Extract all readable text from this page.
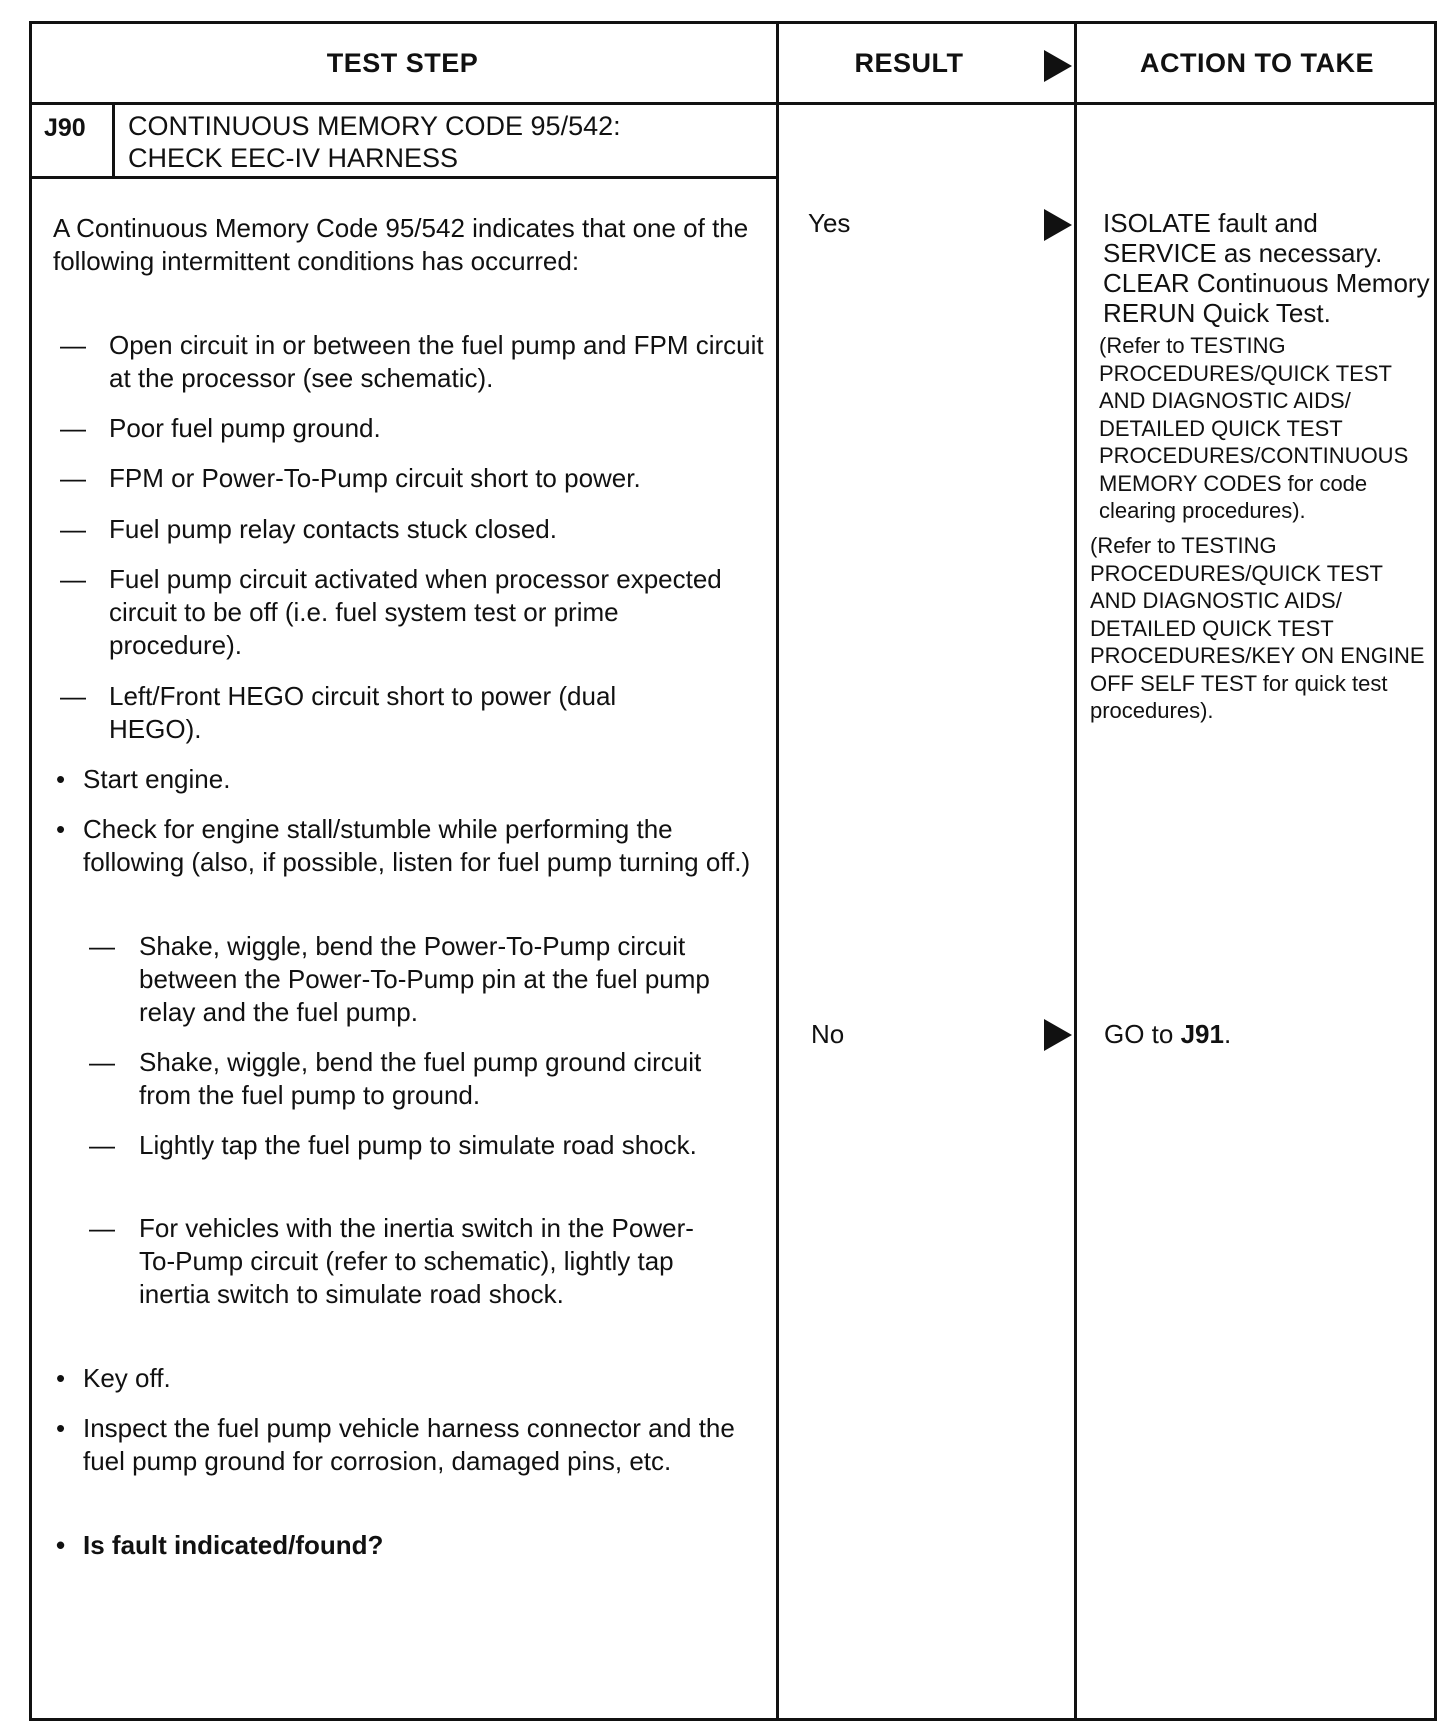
TEST STEP	RESULT	ACTION TO TAKE
J90 CONTINUOUS MEMORY CODE 95/542:
CHECK EEC-IV HARNESS
A Continuous Memory Code 95/542 indicates that one of the following intermittent conditions has occurred:
— Open circuit in or between the fuel pump and FPM circuit at the processor (see schematic).
— Poor fuel pump ground.
— FPM or Power-To-Pump circuit short to power.
— Fuel pump relay contacts stuck closed.
— Fuel pump circuit activated when processor expected circuit to be off (i.e. fuel system test or prime procedure).
— Left/Front HEGO circuit short to power (dual HEGO).
• Start engine.
• Check for engine stall/stumble while performing the following (also, if possible, listen for fuel pump turning off.)
— Shake, wiggle, bend the Power-To-Pump circuit between the Power-To-Pump pin at the fuel pump relay and the fuel pump.
— Shake, wiggle, bend the fuel pump ground circuit from the fuel pump to ground.
— Lightly tap the fuel pump to simulate road shock.
— For vehicles with the inertia switch in the Power-To-Pump circuit (refer to schematic), lightly tap inertia switch to simulate road shock.
• Key off.
• Inspect the fuel pump vehicle harness connector and the fuel pump ground for corrosion, damaged pins, etc.
• Is fault indicated/found?
Yes
No
ISOLATE fault and SERVICE as necessary. CLEAR Continuous Memory RERUN Quick Test.
(Refer to TESTING PROCEDURES/QUICK TEST AND DIAGNOSTIC AIDS/ DETAILED QUICK TEST PROCEDURES/CONTINUOUS MEMORY CODES for code clearing procedures).
(Refer to TESTING PROCEDURES/QUICK TEST AND DIAGNOSTIC AIDS/ DETAILED QUICK TEST PROCEDURES/KEY ON ENGINE OFF SELF TEST for quick test procedures).
GO to J91.
